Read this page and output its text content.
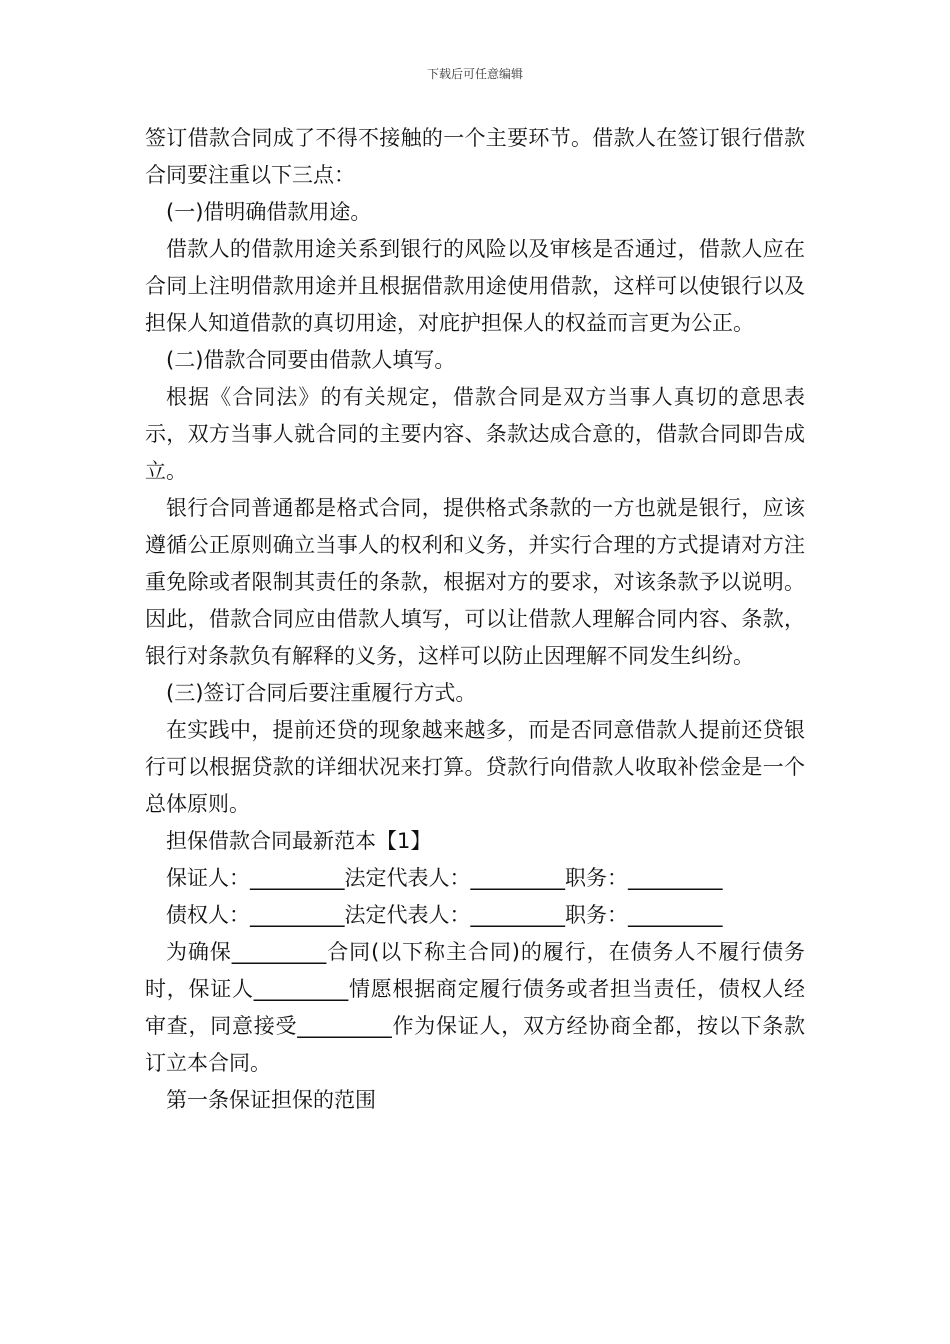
下载后可任意编辑

签订借款合同成了不得不接触的一个主要环节。借款人在签订银行借款合同要注重以下三点：

(一)借明确借款用途。

借款人的借款用途关系到银行的风险以及审核是否通过，借款人应在合同上注明借款用途并且根据借款用途使用借款，这样可以使银行以及担保人知道借款的真切用途，对庇护担保人的权益而言更为公正。

(二)借款合同要由借款人填写。

根据《合同法》的有关规定，借款合同是双方当事人真切的意思表示，双方当事人就合同的主要内容、条款达成合意的，借款合同即告成立。

银行合同普通都是格式合同，提供格式条款的一方也就是银行，应该遵循公正原则确立当事人的权利和义务，并实行合理的方式提请对方注重免除或者限制其责任的条款，根据对方的要求，对该条款予以说明。因此，借款合同应由借款人填写，可以让借款人理解合同内容、条款，银行对条款负有解释的义务，这样可以防止因理解不同发生纠纷。

(三)签订合同后要注重履行方式。

在实践中，提前还贷的现象越来越多，而是否同意借款人提前还贷银行可以根据贷款的详细状况来打算。贷款行向借款人收取补偿金是一个总体原则。

担保借款合同最新范本【1】

保证人：_________法定代表人：_________职务：_________

债权人：_________法定代表人：_________职务：_________

为确保_________合同(以下称主合同)的履行，在债务人不履行债务时，保证人_________情愿根据商定履行债务或者担当责任，债权人经审查，同意接受_________作为保证人，双方经协商全都，按以下条款订立本合同。

第一条保证担保的范围
